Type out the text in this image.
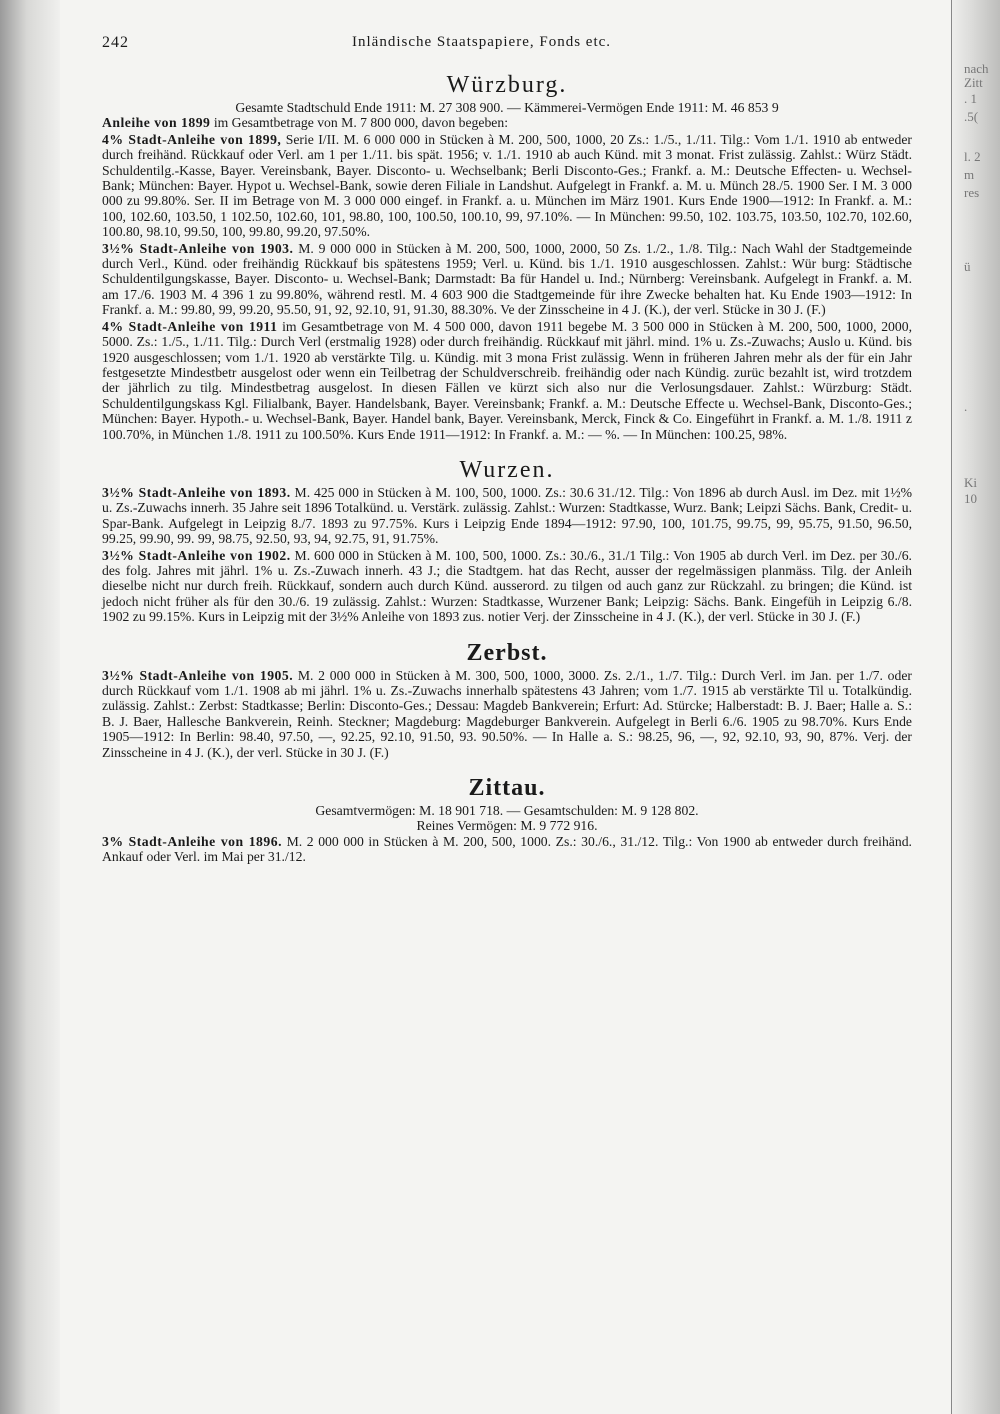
nach
Zitt
. 1
.5(
l. 2
m
res
ü
.
Ki
10
242	Inländische Staatspapiere, Fonds etc.
Würzburg.

Gesamte Stadtschuld Ende 1911: M. 27 308 900. — Kämmerei-Vermögen Ende 1911: M. 46 853 9

Anleihe von 1899 im Gesamtbetrage von M. 7 800 000, davon begeben:

4% Stadt-Anleihe von 1899, Serie I/II. M. 6 000 000 in Stücken à M. 200, 500, 1000, 20 Zs.: 1./5., 1./11. Tilg.: Vom 1./1. 1910 ab entweder durch freihänd. Rückkauf oder Verl. am 1 per 1./11. bis spät. 1956; v. 1./1. 1910 ab auch Künd. mit 3 monat. Frist zulässig. Zahlst.: Würz Städt. Schuldentilg.-Kasse, Bayer. Vereinsbank, Bayer. Disconto- u. Wechselbank; Berli Disconto-Ges.; Frankf. a. M.: Deutsche Effecten- u. Wechsel-Bank; München: Bayer. Hypot u. Wechsel-Bank, sowie deren Filiale in Landshut. Aufgelegt in Frankf. a. M. u. Münch 28./5. 1900 Ser. I M. 3 000 000 zu 99.80%. Ser. II im Betrage von M. 3 000 000 eingef. in Frankf. a. u. München im März 1901. Kurs Ende 1900—1912: In Frankf. a. M.: 100, 102.60, 103.50, 1 102.50, 102.60, 101, 98.80, 100, 100.50, 100.10, 99, 97.10%. — In München: 99.50, 102. 103.75, 103.50, 102.70, 102.60, 100.80, 98.10, 99.50, 100, 99.80, 99.20, 97.50%.

3½% Stadt-Anleihe von 1903. M. 9 000 000 in Stücken à M. 200, 500, 1000, 2000, 50 Zs. 1./2., 1./8. Tilg.: Nach Wahl der Stadtgemeinde durch Verl., Künd. oder freihändig Rückkauf bis spätestens 1959; Verl. u. Künd. bis 1./1. 1910 ausgeschlossen. Zahlst.: Wür burg: Städtische Schuldentilgungskasse, Bayer. Disconto- u. Wechsel-Bank; Darmstadt: Ba für Handel u. Ind.; Nürnberg: Vereinsbank. Aufgelegt in Frankf. a. M. am 17./6. 1903 M. 4 396 1 zu 99.80%, während restl. M. 4 603 900 die Stadtgemeinde für ihre Zwecke behalten hat. Ku Ende 1903—1912: In Frankf. a. M.: 99.80, 99, 99.20, 95.50, 91, 92, 92.10, 91, 91.30, 88.30%. Ve der Zinsscheine in 4 J. (K.), der verl. Stücke in 30 J. (F.)

4% Stadt-Anleihe von 1911 im Gesamtbetrage von M. 4 500 000, davon 1911 begebe M. 3 500 000 in Stücken à M. 200, 500, 1000, 2000, 5000. Zs.: 1./5., 1./11. Tilg.: Durch Verl (erstmalig 1928) oder durch freihändig. Rückkauf mit jährl. mind. 1% u. Zs.-Zuwachs; Auslo u. Künd. bis 1920 ausgeschlossen; vom 1./1. 1920 ab verstärkte Tilg. u. Kündig. mit 3 mona Frist zulässig. Wenn in früheren Jahren mehr als der für ein Jahr festgesetzte Mindestbetr ausgelost oder wenn ein Teilbetrag der Schuldverschreib. freihändig oder nach Kündig. zurüc bezahlt ist, wird trotzdem der jährlich zu tilg. Mindestbetrag ausgelost. In diesen Fällen ve kürzt sich also nur die Verlosungsdauer. Zahlst.: Würzburg: Städt. Schuldentilgungskass Kgl. Filialbank, Bayer. Handelsbank, Bayer. Vereinsbank; Frankf. a. M.: Deutsche Effecte u. Wechsel-Bank, Disconto-Ges.; München: Bayer. Hypoth.- u. Wechsel-Bank, Bayer. Handel bank, Bayer. Vereinsbank, Merck, Finck & Co. Eingeführt in Frankf. a. M. 1./8. 1911 z 100.70%, in München 1./8. 1911 zu 100.50%. Kurs Ende 1911—1912: In Frankf. a. M.: — %. — In München: 100.25, 98%.

Wurzen.

3½% Stadt-Anleihe von 1893. M. 425 000 in Stücken à M. 100, 500, 1000. Zs.: 30.6 31./12. Tilg.: Von 1896 ab durch Ausl. im Dez. mit 1½% u. Zs.-Zuwachs innerh. 35 Jahre seit 1896 Totalkünd. u. Verstärk. zulässig. Zahlst.: Wurzen: Stadtkasse, Wurz. Bank; Leipzi Sächs. Bank, Credit- u. Spar-Bank. Aufgelegt in Leipzig 8./7. 1893 zu 97.75%. Kurs i Leipzig Ende 1894—1912: 97.90, 100, 101.75, 99.75, 99, 95.75, 91.50, 96.50, 99.25, 99.90, 99. 99, 98.75, 92.50, 93, 94, 92.75, 91, 91.75%.

3½% Stadt-Anleihe von 1902. M. 600 000 in Stücken à M. 100, 500, 1000. Zs.: 30./6., 31./1 Tilg.: Von 1905 ab durch Verl. im Dez. per 30./6. des folg. Jahres mit jährl. 1% u. Zs.-Zuwach innerh. 43 J.; die Stadtgem. hat das Recht, ausser der regelmässigen planmäss. Tilg. der Anleih dieselbe nicht nur durch freih. Rückkauf, sondern auch durch Künd. ausserord. zu tilgen od auch ganz zur Rückzahl. zu bringen; die Künd. ist jedoch nicht früher als für den 30./6. 19 zulässig. Zahlst.: Wurzen: Stadtkasse, Wurzener Bank; Leipzig: Sächs. Bank. Eingefüh in Leipzig 6./8. 1902 zu 99.15%. Kurs in Leipzig mit der 3½% Anleihe von 1893 zus. notier Verj. der Zinsscheine in 4 J. (K.), der verl. Stücke in 30 J. (F.)

Zerbst.

3½% Stadt-Anleihe von 1905. M. 2 000 000 in Stücken à M. 300, 500, 1000, 3000. Zs. 2./1., 1./7. Tilg.: Durch Verl. im Jan. per 1./7. oder durch Rückkauf vom 1./1. 1908 ab mi jährl. 1% u. Zs.-Zuwachs innerhalb spätestens 43 Jahren; vom 1./7. 1915 ab verstärkte Til u. Totalkündig. zulässig. Zahlst.: Zerbst: Stadtkasse; Berlin: Disconto-Ges.; Dessau: Magdeb Bankverein; Erfurt: Ad. Stürcke; Halberstadt: B. J. Baer; Halle a. S.: B. J. Baer, Hallesche Bankverein, Reinh. Steckner; Magdeburg: Magdeburger Bankverein. Aufgelegt in Berli 6./6. 1905 zu 98.70%. Kurs Ende 1905—1912: In Berlin: 98.40, 97.50, —, 92.25, 92.10, 91.50, 93. 90.50%. — In Halle a. S.: 98.25, 96, —, 92, 92.10, 93, 90, 87%. Verj. der Zinsscheine in 4 J. (K.), der verl. Stücke in 30 J. (F.)

Zittau.

Gesamtvermögen: M. 18 901 718. — Gesamtschulden: M. 9 128 802.

Reines Vermögen: M. 9 772 916.

3% Stadt-Anleihe von 1896. M. 2 000 000 in Stücken à M. 200, 500, 1000. Zs.: 30./6., 31./12. Tilg.: Von 1900 ab entweder durch freihänd. Ankauf oder Verl. im Mai per 31./12.
